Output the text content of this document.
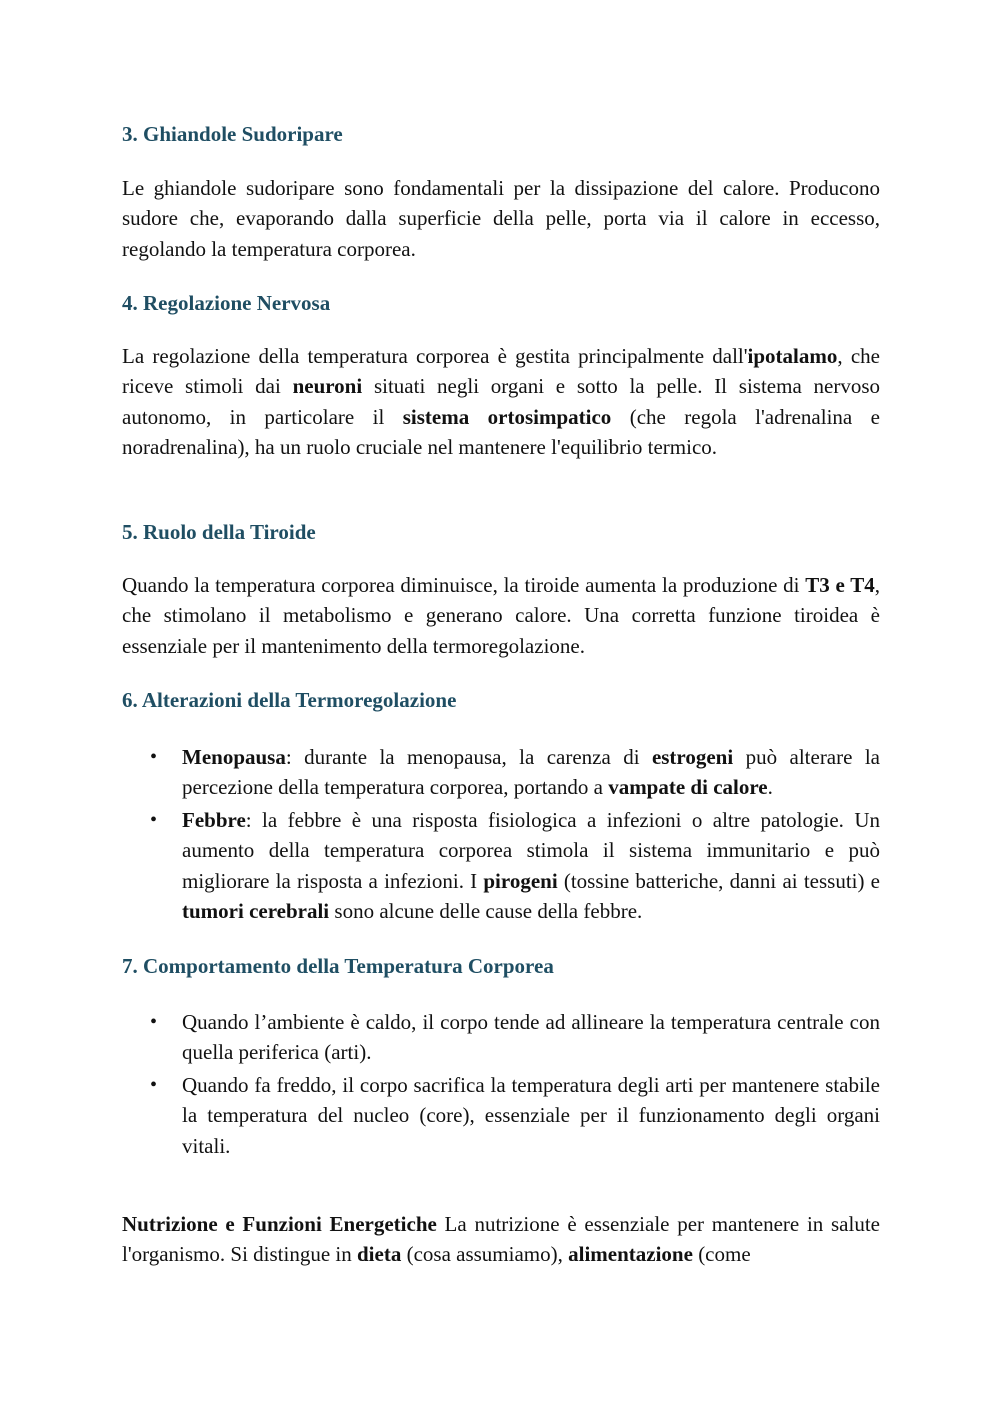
3. Ghiandole Sudoripare

Le ghiandole sudoripare sono fondamentali per la dissipazione del calore. Producono sudore che, evaporando dalla superficie della pelle, porta via il calore in eccesso, regolando la temperatura corporea.

4. Regolazione Nervosa

La regolazione della temperatura corporea è gestita principalmente dall'ipotalamo, che riceve stimoli dai neuroni situati negli organi e sotto la pelle. Il sistema nervoso autonomo, in particolare il sistema ortosimpatico (che regola l'adrenalina e noradrenalina), ha un ruolo cruciale nel mantenere l'equilibrio termico.

5. Ruolo della Tiroide

Quando la temperatura corporea diminuisce, la tiroide aumenta la produzione di T3 e T4, che stimolano il metabolismo e generano calore. Una corretta funzione tiroidea è essenziale per il mantenimento della termoregolazione.

6. Alterazioni della Termoregolazione
• Menopausa: durante la menopausa, la carenza di estrogeni può alterare la percezione della temperatura corporea, portando a vampate di calore.
• Febbre: la febbre è una risposta fisiologica a infezioni o altre patologie. Un aumento della temperatura corporea stimola il sistema immunitario e può migliorare la risposta a infezioni. I pirogeni (tossine batteriche, danni ai tessuti) e tumori cerebrali sono alcune delle cause della febbre.
7. Comportamento della Temperatura Corporea
• Quando l’ambiente è caldo, il corpo tende ad allineare la temperatura centrale con quella periferica (arti).
• Quando fa freddo, il corpo sacrifica la temperatura degli arti per mantenere stabile la temperatura del nucleo (core), essenziale per il funzionamento degli organi vitali.

Nutrizione e Funzioni Energetiche La nutrizione è essenziale per mantenere in salute l'organismo. Si distingue in dieta (cosa assumiamo), alimentazione (come
